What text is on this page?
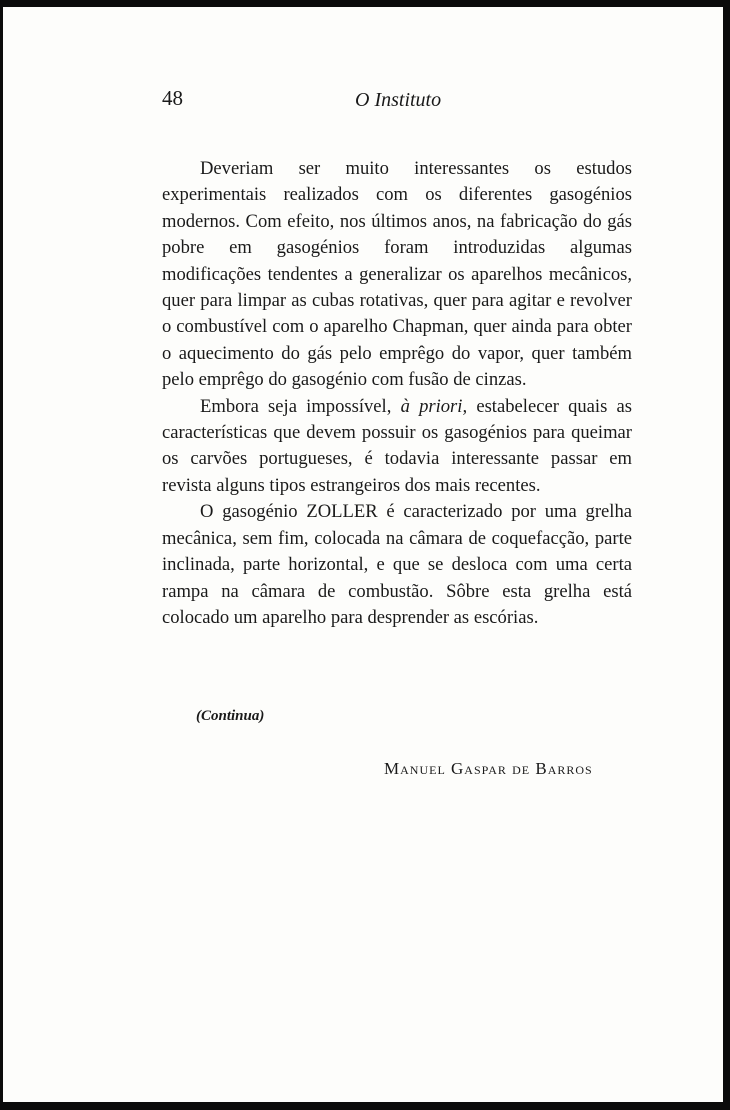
48	O Instituto

Deveriam ser muito interessantes os estudos experimentais realizados com os diferentes gasogénios modernos. Com efeito, nos últimos anos, na fabricação do gás pobre em gasogénios foram introduzidas algumas modificações tendentes a generalizar os aparelhos mecânicos, quer para limpar as cubas rotativas, quer para agitar e revolver o combustível com o aparelho Chapman, quer ainda para obter o aquecimento do gás pelo emprêgo do vapor, quer também pelo emprêgo do gasogénio com fusão de cinzas.

Embora seja impossível, à priori, estabelecer quais as características que devem possuir os gasogénios para queimar os carvões portugueses, é todavia interessante passar em revista alguns tipos estrangeiros dos mais recentes.

O gasogénio ZOLLER é caracterizado por uma grelha mecânica, sem fim, colocada na câmara de coquefacção, parte inclinada, parte horizontal, e que se desloca com uma certa rampa na câmara de combustão. Sôbre esta grelha está colocado um aparelho para desprender as escórias.

(Continua)
Manuel Gaspar de Barros
